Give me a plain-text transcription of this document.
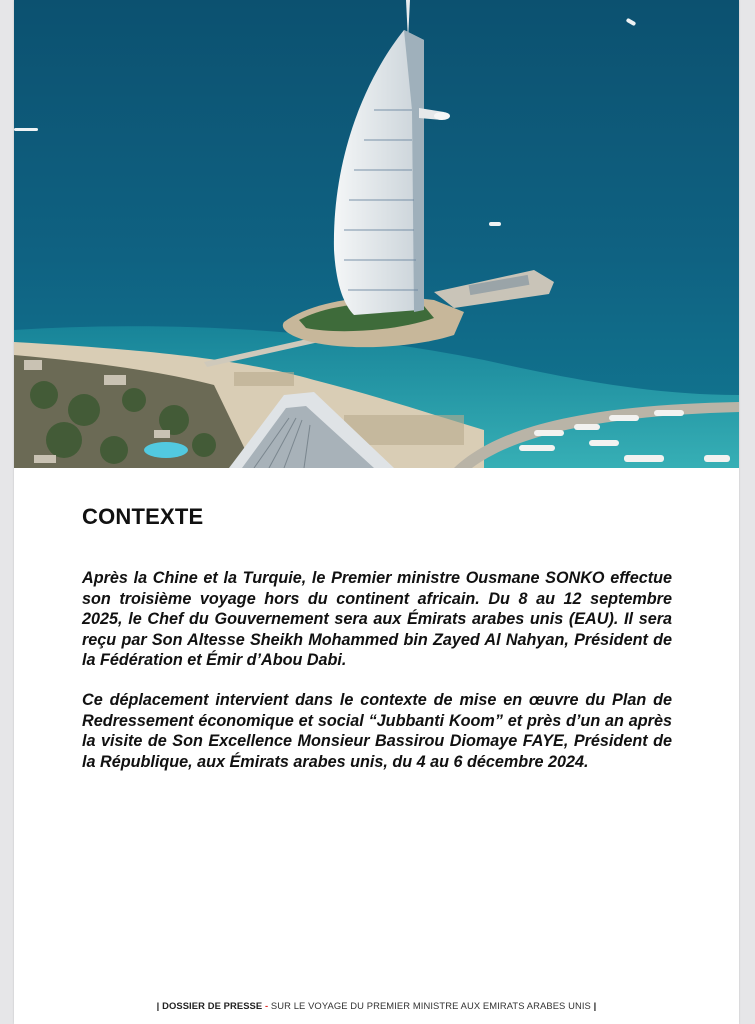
CONTEXTE

Après la Chine et la Turquie, le Premier ministre Ousmane SONKO effectue son troisième voyage hors du continent africain. Du 8 au 12 septembre 2025, le Chef du Gouvernement sera aux Émirats arabes unis (EAU). Il sera reçu par Son Altesse Sheikh Mohammed bin Zayed Al Nahyan, Président de la Fédération et Émir d’Abou Dabi.

Ce déplacement intervient dans le contexte de mise en œuvre du Plan de Redressement économique et social “Jubbanti Koom” et près d’un an après la visite de Son Excellence Monsieur Bassirou Diomaye FAYE, Président de la République, aux Émirats arabes unis, du 4 au 6 décembre 2024.

| DOSSIER DE PRESSE - SUR LE VOYAGE DU PREMIER MINISTRE AUX EMIRATS ARABES UNIS |
